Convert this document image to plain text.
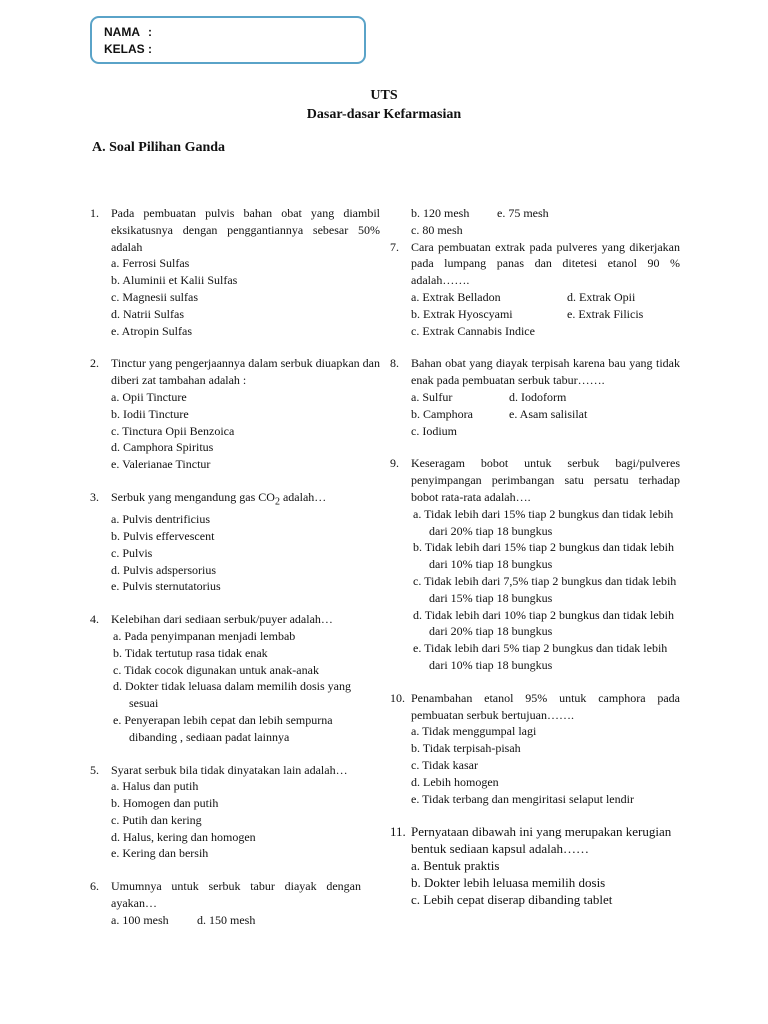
NAMA :
KELAS :
UTS
Dasar-dasar Kefarmasian
A. Soal Pilihan Ganda
1. Pada pembuatan pulvis bahan obat yang diambil eksikatusnya dengan penggantiannya sebesar 50% adalah
a. Ferrosi Sulfas
b. Aluminii et Kalii Sulfas
c. Magnesii sulfas
d. Natrii Sulfas
e. Atropin Sulfas
2. Tinctur yang pengerjaannya dalam serbuk diuapkan dan diberi zat tambahan adalah :
a. Opii Tincture
b. Iodii Tincture
c. Tinctura Opii Benzoica
d. Camphora Spiritus
e. Valerianae Tinctur
3. Serbuk yang mengandung gas $CO_2$ adalah…
a. Pulvis dentrificius
b. Pulvis effervescent
c. Pulvis
d. Pulvis adspersorius
e. Pulvis sternutatorius
4. Kelebihan dari sediaan serbuk/puyer adalah…
a. Pada penyimpanan menjadi lembab
b. Tidak tertutup rasa tidak enak
c. Tidak cocok digunakan untuk anak-anak
d. Dokter tidak leluasa dalam memilih dosis yang sesuai
e. Penyerapan lebih cepat dan lebih sempurna dibanding , sediaan padat lainnya
5. Syarat serbuk bila tidak dinyatakan lain adalah…
a. Halus dan putih
b. Homogen dan putih
c. Putih dan kering
d. Halus, kering dan homogen
e. Kering dan bersih
6. Umumnya untuk serbuk tabur diayak dengan ayakan…
a. 100 mesh	d. 150 mesh
b. 120 mesh	e. 75 mesh
c. 80 mesh
7. Cara pembuatan extrak pada pulveres yang dikerjakan pada lumpang panas dan ditetesi etanol 90 % adalah…….
a. Extrak Belladon	d. Extrak Opii
b. Extrak Hyoscyami	e. Extrak Filicis
c. Extrak Cannabis Indice
8. Bahan obat yang diayak terpisah karena bau yang tidak enak pada pembuatan serbuk tabur…….
a. Sulfur	d. Iodoform
b. Camphora	e. Asam salisilat
c. Iodium
9. Keseragam bobot untuk serbuk bagi/pulveres penyimpangan perimbangan satu persatu terhadap bobot rata-rata adalah….
a. Tidak lebih dari 15% tiap 2 bungkus dan tidak lebih dari 20% tiap 18 bungkus
b. Tidak lebih dari 15% tiap 2 bungkus dan tidak lebih dari 10% tiap 18 bungkus
c. Tidak lebih dari 7,5% tiap 2 bungkus dan tidak lebih dari 15% tiap 18 bungkus
d. Tidak lebih dari 10% tiap 2 bungkus dan tidak lebih dari 20% tiap 18 bungkus
e. Tidak lebih dari 5% tiap 2 bungkus dan tidak lebih dari 10% tiap 18 bungkus
10. Penambahan etanol 95% untuk camphora pada pembuatan serbuk bertujuan…….
a. Tidak menggumpal lagi
b. Tidak terpisah-pisah
c. Tidak kasar
d. Lebih homogen
e. Tidak terbang dan mengiritasi selaput lendir
11. Pernyataan dibawah ini yang merupakan kerugian bentuk sediaan kapsul adalah……
a. Bentuk praktis
b. Dokter lebih leluasa memilih dosis
c. Lebih cepat diserap dibanding tablet
